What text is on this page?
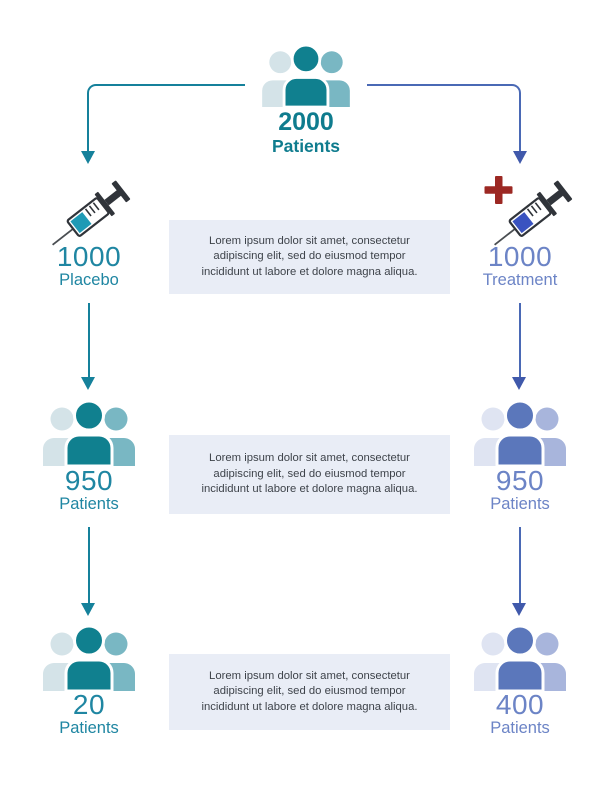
2000
Patients
1000
Placebo
1000
Treatment
Lorem ipsum dolor sit amet, consectetur adipiscing elit, sed do eiusmod tempor incididunt ut labore et dolore magna aliqua.
950
Patients
950
Patients
Lorem ipsum dolor sit amet, consectetur adipiscing elit, sed do eiusmod tempor incididunt ut labore et dolore magna aliqua.
20
Patients
400
Patients
Lorem ipsum dolor sit amet, consectetur adipiscing elit, sed do eiusmod tempor incididunt ut labore et dolore magna aliqua.
